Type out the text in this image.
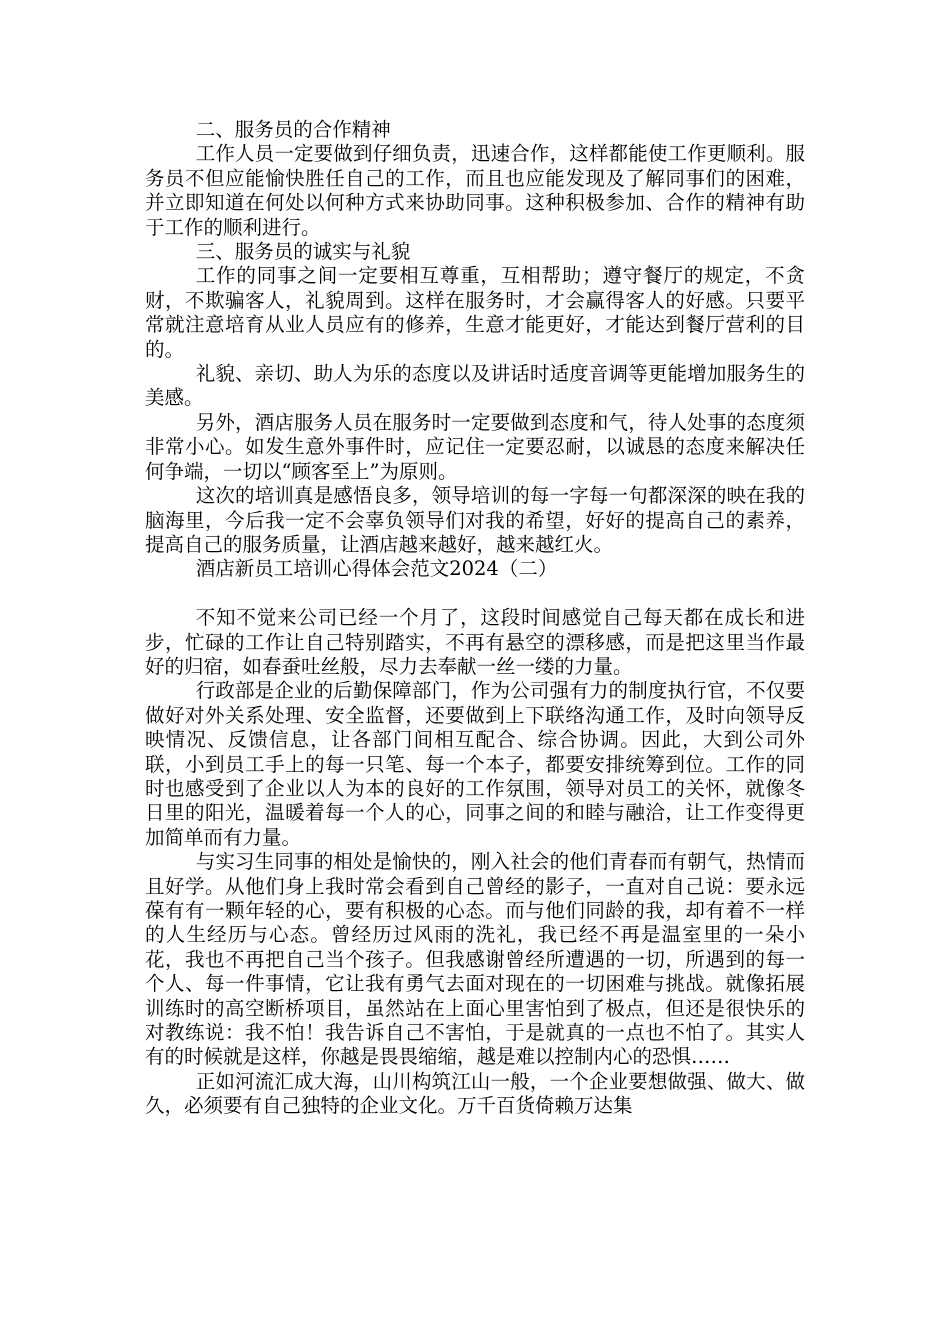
二、服务员的合作精神

工作人员一定要做到仔细负责，迅速合作，这样都能使工作更顺利。服务员不但应能愉快胜任自己的工作，而且也应能发现及了解同事们的困难，并立即知道在何处以何种方式来协助同事。这种积极参加、合作的精神有助于工作的顺利进行。

三、服务员的诚实与礼貌

工作的同事之间一定要相互尊重，互相帮助；遵守餐厅的规定，不贪财，不欺骗客人，礼貌周到。这样在服务时，才会赢得客人的好感。只要平常就注意培育从业人员应有的修养，生意才能更好，才能达到餐厅营利的目的。

礼貌、亲切、助人为乐的态度以及讲话时适度音调等更能增加服务生的美感。

另外，酒店服务人员在服务时一定要做到态度和气，待人处事的态度须非常小心。如发生意外事件时，应记住一定要忍耐，以诚恳的态度来解决任何争端，一切以“顾客至上”为原则。

这次的培训真是感悟良多，领导培训的每一字每一句都深深的映在我的脑海里，今后我一定不会辜负领导们对我的希望，好好的提高自己的素养，提高自己的服务质量，让酒店越来越好，越来越红火。

酒店新员工培训心得体会范文2024（二）

不知不觉来公司已经一个月了，这段时间感觉自己每天都在成长和进步，忙碌的工作让自己特别踏实，不再有悬空的漂移感，而是把这里当作最好的归宿，如春蚕吐丝般，尽力去奉献一丝一缕的力量。

行政部是企业的后勤保障部门，作为公司强有力的制度执行官，不仅要做好对外关系处理、安全监督，还要做到上下联络沟通工作，及时向领导反映情况、反馈信息，让各部门间相互配合、综合协调。因此，大到公司外联，小到员工手上的每一只笔、每一个本子，都要安排统筹到位。工作的同时也感受到了企业以人为本的良好的工作氛围，领导对员工的关怀，就像冬日里的阳光，温暖着每一个人的心，同事之间的和睦与融洽，让工作变得更加简单而有力量。

与实习生同事的相处是愉快的，刚入社会的他们青春而有朝气，热情而且好学。从他们身上我时常会看到自己曾经的影子，一直对自己说：要永远葆有有一颗年轻的心，要有积极的心态。而与他们同龄的我，却有着不一样的人生经历与心态。曾经历过风雨的洗礼，我已经不再是温室里的一朵小花，我也不再把自己当个孩子。但我感谢曾经所遭遇的一切，所遇到的每一个人、每一件事情，它让我有勇气去面对现在的一切困难与挑战。就像拓展训练时的高空断桥项目，虽然站在上面心里害怕到了极点，但还是很快乐的对教练说：我不怕！我告诉自己不害怕，于是就真的一点也不怕了。其实人有的时候就是这样，你越是畏畏缩缩，越是难以控制内心的恐惧……

正如河流汇成大海，山川构筑江山一般，一个企业要想做强、做大、做久，必须要有自己独特的企业文化。万千百货倚赖万达集
